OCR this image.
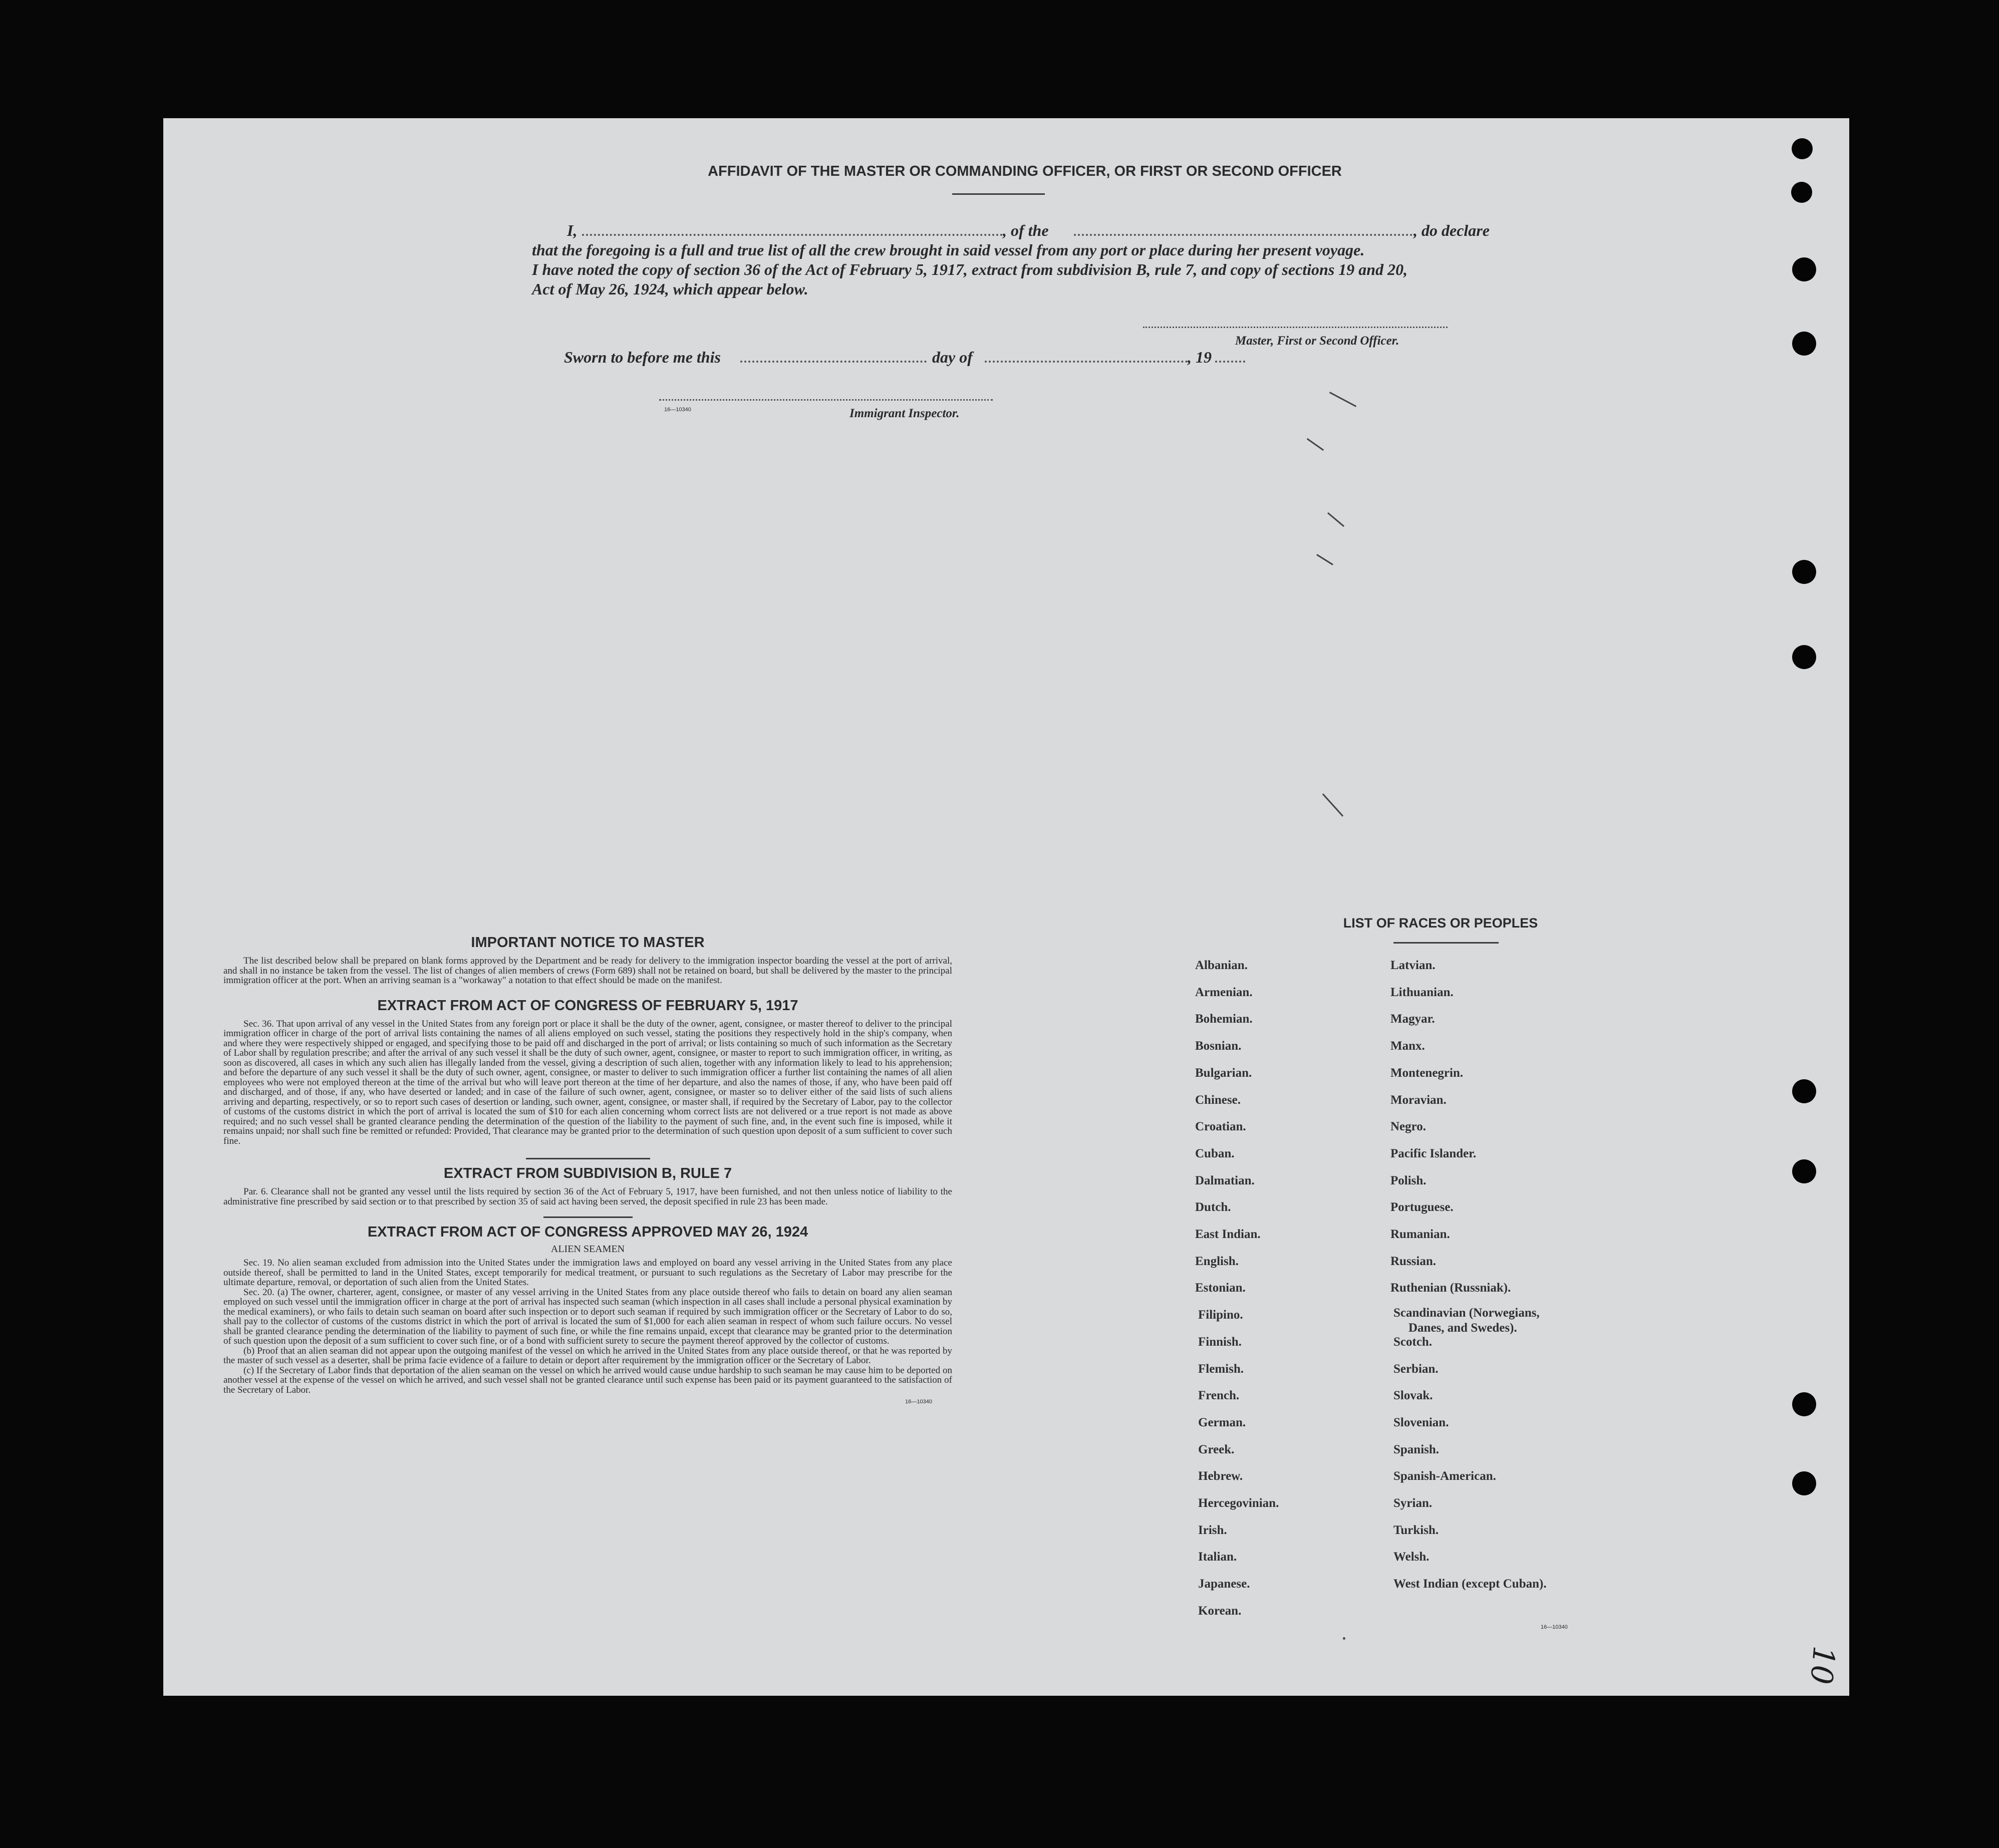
AFFIDAVIT OF THE MASTER OR COMMANDING OFFICER, OR FIRST OR SECOND OFFICER
I,	, of the	, do declare
that the foregoing is a full and true list of all the crew brought in said vessel from any port or place during her present voyage.
I have noted the copy of section 36 of the Act of February 5, 1917, extract from subdivision B, rule 7, and copy of sections 19 and 20,
Act of May 26, 1924, which appear below.
Master, First or Second Officer.
Sworn to before me this	day of	, 19
16—10340	Immigrant Inspector.
IMPORTANT NOTICE TO MASTER

The list described below shall be prepared on blank forms approved by the Department and be ready for delivery to the immigration inspector boarding the vessel at the port of arrival, and shall in no instance be taken from the vessel. The list of changes of alien members of crews (Form 689) shall not be retained on board, but shall be delivered by the master to the principal immigration officer at the port. When an arriving seaman is a "workaway" a notation to that effect should be made on the manifest.

EXTRACT FROM ACT OF CONGRESS OF FEBRUARY 5, 1917

Sec. 36. That upon arrival of any vessel in the United States from any foreign port or place it shall be the duty of the owner, agent, consignee, or master thereof to deliver to the principal immigration officer in charge of the port of arrival lists containing the names of all aliens employed on such vessel, stating the positions they respectively hold in the ship's company, when and where they were respectively shipped or engaged, and specifying those to be paid off and discharged in the port of arrival; or lists containing so much of such information as the Secretary of Labor shall by regulation prescribe; and after the arrival of any such vessel it shall be the duty of such owner, agent, consignee, or master to report to such immigration officer, in writing, as soon as discovered, all cases in which any such alien has illegally landed from the vessel, giving a description of such alien, together with any information likely to lead to his apprehension; and before the departure of any such vessel it shall be the duty of such owner, agent, consignee, or master to deliver to such immigration officer a further list containing the names of all alien employees who were not employed thereon at the time of the arrival but who will leave port thereon at the time of her departure, and also the names of those, if any, who have been paid off and discharged, and of those, if any, who have deserted or landed; and in case of the failure of such owner, agent, consignee, or master so to deliver either of the said lists of such aliens arriving and departing, respectively, or so to report such cases of desertion or landing, such owner, agent, consignee, or master shall, if required by the Secretary of Labor, pay to the collector of customs of the customs district in which the port of arrival is located the sum of $10 for each alien concerning whom correct lists are not delivered or a true report is not made as above required; and no such vessel shall be granted clearance pending the determination of the question of the liability to the payment of such fine, and, in the event such fine is imposed, while it remains unpaid; nor shall such fine be remitted or refunded: Provided, That clearance may be granted prior to the determination of such question upon deposit of a sum sufficient to cover such fine.

EXTRACT FROM SUBDIVISION B, RULE 7

Par. 6. Clearance shall not be granted any vessel until the lists required by section 36 of the Act of February 5, 1917, have been furnished, and not then unless notice of liability to the administrative fine prescribed by said section or to that prescribed by section 35 of said act having been served, the deposit specified in rule 23 has been made.

EXTRACT FROM ACT OF CONGRESS APPROVED MAY 26, 1924
ALIEN SEAMEN

Sec. 19. No alien seaman excluded from admission into the United States under the immigration laws and employed on board any vessel arriving in the United States from any place outside thereof, shall be permitted to land in the United States, except temporarily for medical treatment, or pursuant to such regulations as the Secretary of Labor may prescribe for the ultimate departure, removal, or deportation of such alien from the United States.

Sec. 20. (a) The owner, charterer, agent, consignee, or master of any vessel arriving in the United States from any place outside thereof who fails to detain on board any alien seaman employed on such vessel until the immigration officer in charge at the port of arrival has inspected such seaman (which inspection in all cases shall include a personal physical examination by the medical examiners), or who fails to detain such seaman on board after such inspection or to deport such seaman if required by such immigration officer or the Secretary of Labor to do so, shall pay to the collector of customs of the customs district in which the port of arrival is located the sum of $1,000 for each alien seaman in respect of whom such failure occurs. No vessel shall be granted clearance pending the determination of the liability to payment of such fine, or while the fine remains unpaid, except that clearance may be granted prior to the determination of such question upon the deposit of a sum sufficient to cover such fine, or of a bond with sufficient surety to secure the payment thereof approved by the collector of customs.

(b) Proof that an alien seaman did not appear upon the outgoing manifest of the vessel on which he arrived in the United States from any place outside thereof, or that he was reported by the master of such vessel as a deserter, shall be prima facie evidence of a failure to detain or deport after requirement by the immigration officer or the Secretary of Labor.

(c) If the Secretary of Labor finds that deportation of the alien seaman on the vessel on which he arrived would cause undue hardship to such seaman he may cause him to be deported on another vessel at the expense of the vessel on which he arrived, and such vessel shall not be granted clearance until such expense has been paid or its payment guaranteed to the satisfaction of the Secretary of Labor.

16—10340
LIST OF RACES OR PEOPLES
16—10340
Albanian.
Armenian.
Bohemian.
Bosnian.
Bulgarian.
Chinese.
Croatian.
Cuban.
Dalmatian.
Dutch.
East Indian.
English.
Estonian.
Filipino.
Finnish.
Flemish.
French.
German.
Greek.
Hebrew.
Hercegovinian.
Irish.
Italian.
Japanese.
Korean.
Latvian.
Lithuanian.
Magyar.
Manx.
Montenegrin.
Moravian.
Negro.
Pacific Islander.
Polish.
Portuguese.
Rumanian.
Russian.
Ruthenian (Russniak).
Scandinavian (Norwegians,
Danes, and Swedes).
Scotch.
Serbian.
Slovak.
Slovenian.
Spanish.
Spanish-American.
Syrian.
Turkish.
Welsh.
West Indian (except Cuban).
10
